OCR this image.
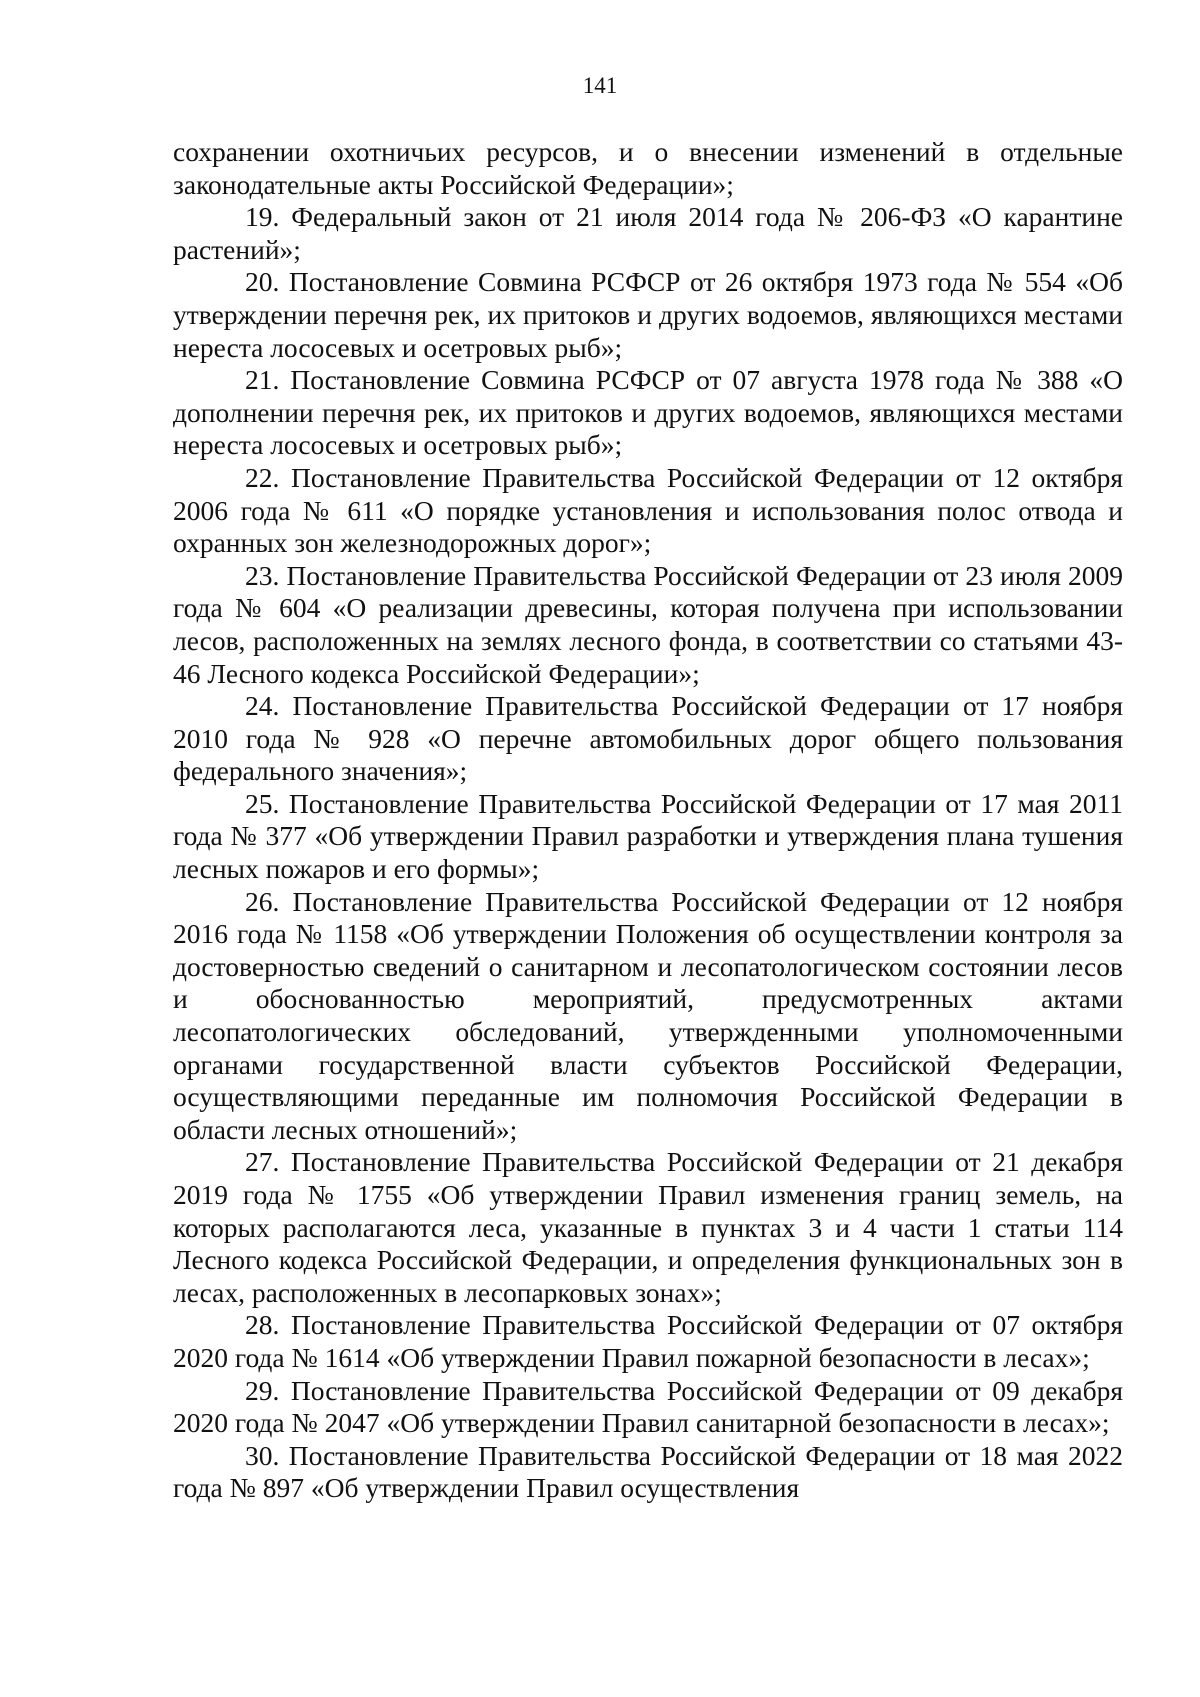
141

сохранении охотничьих ресурсов, и о внесении изменений в отдельные законодательные акты Российской Федерации»;

19. Федеральный закон от 21 июля 2014 года № 206-ФЗ «О карантине растений»;

20. Постановление Совмина РСФСР от 26 октября 1973 года № 554 «Об утверждении перечня рек, их притоков и других водоемов, являющихся местами нереста лососевых и осетровых рыб»;

21. Постановление Совмина РСФСР от 07 августа 1978 года № 388 «О дополнении перечня рек, их притоков и других водоемов, являющихся местами нереста лососевых и осетровых рыб»;

22. Постановление Правительства Российской Федерации от 12 октября 2006 года № 611 «О порядке установления и использования полос отвода и охранных зон железнодорожных дорог»;

23. Постановление Правительства Российской Федерации от 23 июля 2009 года № 604 «О реализации древесины, которая получена при использовании лесов, расположенных на землях лесного фонда, в соответствии со статьями 43-46 Лесного кодекса Российской Федерации»;

24. Постановление Правительства Российской Федерации от 17 ноября 2010 года № 928 «О перечне автомобильных дорог общего пользования федерального значения»;

25. Постановление Правительства Российской Федерации от 17 мая 2011 года № 377 «Об утверждении Правил разработки и утверждения плана тушения лесных пожаров и его формы»;

26. Постановление Правительства Российской Федерации от 12 ноября 2016 года № 1158 «Об утверждении Положения об осуществлении контроля за достоверностью сведений о санитарном и лесопатологическом состоянии лесов и обоснованностью мероприятий, предусмотренных актами лесопатологических обследований, утвержденными уполномоченными органами государственной власти субъектов Российской Федерации, осуществляющими переданные им полномочия Российской Федерации в области лесных отношений»;

27. Постановление Правительства Российской Федерации от 21 декабря 2019 года № 1755 «Об утверждении Правил изменения границ земель, на которых располагаются леса, указанные в пунктах 3 и 4 части 1 статьи 114 Лесного кодекса Российской Федерации, и определения функциональных зон в лесах, расположенных в лесопарковых зонах»;

28. Постановление Правительства Российской Федерации от 07 октября 2020 года № 1614 «Об утверждении Правил пожарной безопасности в лесах»;

29. Постановление Правительства Российской Федерации от 09 декабря 2020 года № 2047 «Об утверждении Правил санитарной безопасности в лесах»;

30. Постановление Правительства Российской Федерации от 18 мая 2022 года № 897 «Об утверждении Правил осуществления
